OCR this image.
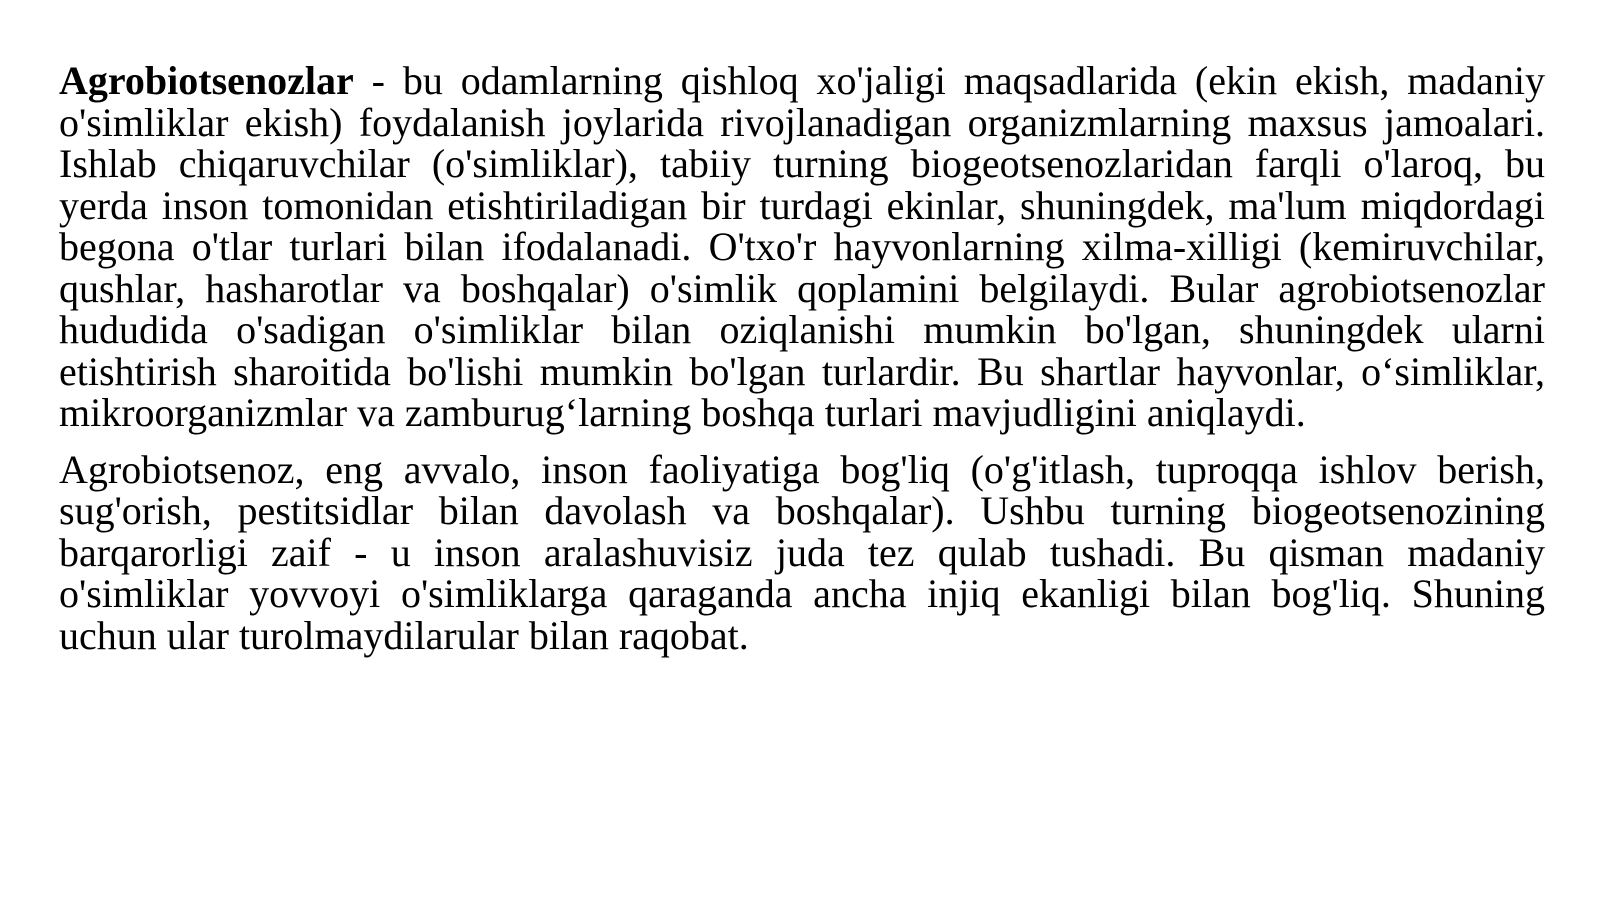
Agrobiotsenozlar - bu odamlarning qishloq xo'jaligi maqsadlarida (ekin ekish, madaniy o'simliklar ekish) foydalanish joylarida rivojlanadigan organizmlarning maxsus jamoalari. Ishlab chiqaruvchilar (o'simliklar), tabiiy turning biogeotsenozlaridan farqli o'laroq, bu yerda inson tomonidan etishtiriladigan bir turdagi ekinlar, shuningdek, ma'lum miqdordagi begona o'tlar turlari bilan ifodalanadi. O'txo'r hayvonlarning xilma-xilligi (kemiruvchilar, qushlar, hasharotlar va boshqalar) o'simlik qoplamini belgilaydi. Bular agrobiotsenozlar hududida o'sadigan o'simliklar bilan oziqlanishi mumkin bo'lgan, shuningdek ularni etishtirish sharoitida bo'lishi mumkin bo'lgan turlardir. Bu shartlar hayvonlar, o‘simliklar, mikroorganizmlar va zamburug‘larning boshqa turlari mavjudligini aniqlaydi.

Agrobiotsenoz, eng avvalo, inson faoliyatiga bog'liq (o'g'itlash, tuproqqa ishlov berish, sug'orish, pestitsidlar bilan davolash va boshqalar). Ushbu turning biogeotsenozining barqarorligi zaif - u inson aralashuvisiz juda tez qulab tushadi. Bu qisman madaniy o'simliklar yovvoyi o'simliklarga qaraganda ancha injiq ekanligi bilan bog'liq. Shuning uchun ular turolmaydilarular bilan raqobat.
